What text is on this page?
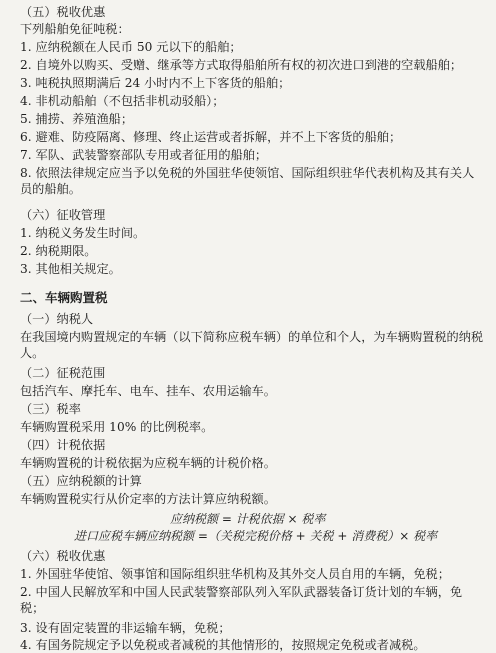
（五）税收优惠
下列船舶免征吨税：
1. 应纳税额在人民币 50 元以下的船舶；
2. 自境外以购买、受赠、继承等方式取得船舶所有权的初次进口到港的空载船舶；
3. 吨税执照期满后 24 小时内不上下客货的船舶；
4. 非机动船舶（不包括非机动驳船）；
5. 捕捞、养殖渔船；
6. 避难、防疫隔离、修理、终止运营或者拆解，并不上下客货的船舶；
7. 军队、武装警察部队专用或者征用的船舶；
8. 依照法律规定应当予以免税的外国驻华使领馆、国际组织驻华代表机构及其有关人员的船舶。
（六）征收管理
1. 纳税义务发生时间。
2. 纳税期限。
3. 其他相关规定。
二、车辆购置税
（一）纳税人
在我国境内购置规定的车辆（以下简称应税车辆）的单位和个人，为车辆购置税的纳税人。
（二）征税范围
包括汽车、摩托车、电车、挂车、农用运输车。
（三）税率
车辆购置税采用 10% 的比例税率。
（四）计税依据
车辆购置税的计税依据为应税车辆的计税价格。
（五）应纳税额的计算
车辆购置税实行从价定率的方法计算应纳税额。
应纳税额 = 计税依据 × 税率
进口应税车辆应纳税额 =（关税完税价格 + 关税 + 消费税）× 税率
（六）税收优惠
1. 外国驻华使馆、领事馆和国际组织驻华机构及其外交人员自用的车辆，免税；
2. 中国人民解放军和中国人民武装警察部队列入军队武器装备订货计划的车辆，免税；
3. 设有固定装置的非运输车辆，免税；
4. 有国务院规定予以免税或者减税的其他情形的，按照规定免税或者减税。
